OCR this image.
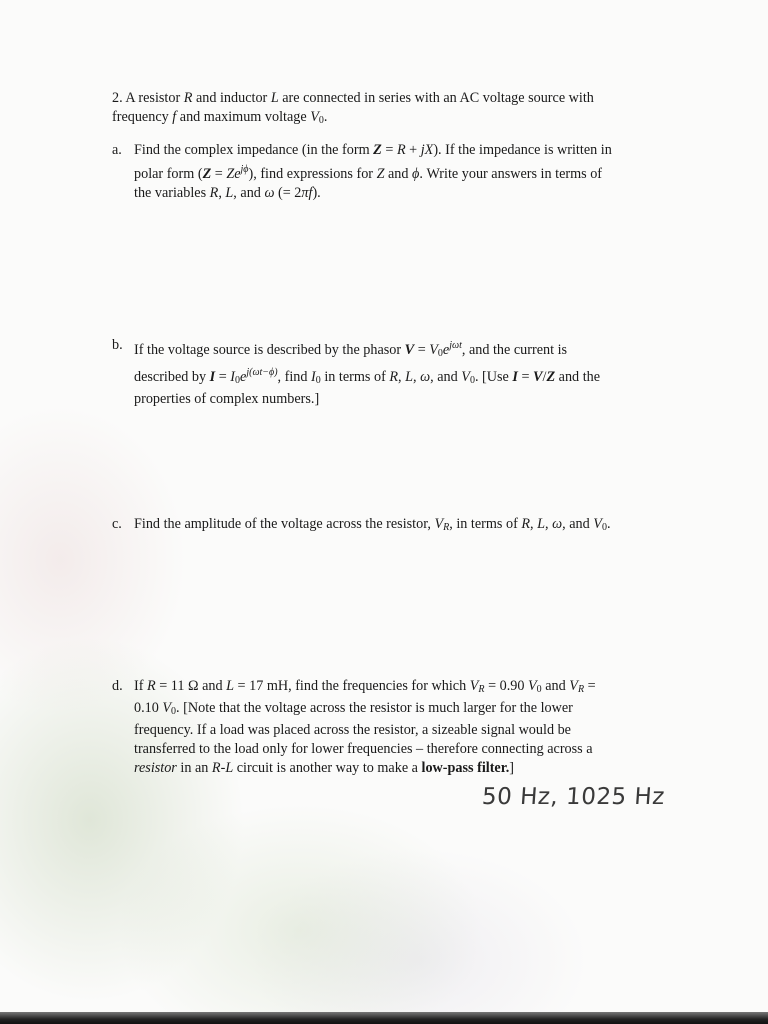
2. A resistor R and inductor L are connected in series with an AC voltage source with
frequency f and maximum voltage $V_0$.
a. Find the complex impedance (in the form Z = R + jX). If the impedance is written in
polar form $(Z = Ze^{j\phi})$, find expressions for Z and ϕ. Write your answers in terms of
the variables R, L, and ω (= 2πf).
b. If the voltage source is described by the phasor $V = V_0e^{j\omega t}$, and the current is
described by $I = I_0e^{j(\omega t-\phi)}$, find $I_0$ in terms of R, L, ω, and $V_0$. [Use I = V/Z and the
properties of complex numbers.]
c. Find the amplitude of the voltage across the resistor, $V_R$, in terms of R, L, ω, and $V_0$.
d. If R = 11 Ω and L = 17 mH, find the frequencies for which $V_R = 0.90$ $V_0$ and $V_R$ =
0.10 $V_0$. [Note that the voltage across the resistor is much larger for the lower
frequency. If a load was placed across the resistor, a sizeable signal would be
transferred to the load only for lower frequencies – therefore connecting across a
resistor in an R-L circuit is another way to make a low-pass filter.]
50 Hz, 1025 Hz
